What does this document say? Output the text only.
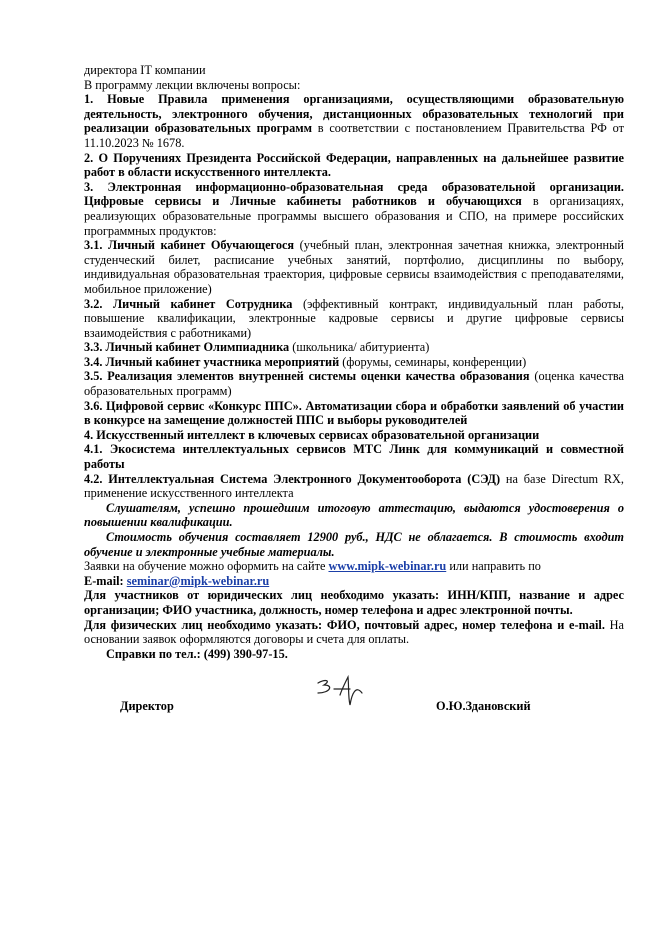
директора IT компании

В программу лекции включены вопросы:

1. Новые Правила применения организациями, осуществляющими образовательную деятельность, электронного обучения, дистанционных образовательных технологий при реализации образовательных программ в соответствии с постановлением Правительства РФ от 11.10.2023 № 1678.

2. О Поручениях Президента Российской Федерации, направленных на дальнейшее развитие работ в области искусственного интеллекта.

3. Электронная информационно-образовательная среда образовательной организации. Цифровые сервисы и Личные кабинеты работников и обучающихся в организациях, реализующих образовательные программы высшего образования и СПО, на примере российских программных продуктов:

3.1. Личный кабинет Обучающегося (учебный план, электронная зачетная книжка, электронный студенческий билет, расписание учебных занятий, портфолио, дисциплины по выбору, индивидуальная образовательная траектория, цифровые сервисы взаимодействия с преподавателями, мобильное приложение)

3.2. Личный кабинет Сотрудника (эффективный контракт, индивидуальный план работы, повышение квалификации, электронные кадровые сервисы и другие цифровые сервисы взаимодействия с работниками)

3.3. Личный кабинет Олимпиадника (школьника/ абитуриента)

3.4. Личный кабинет участника мероприятий (форумы, семинары, конференции)

3.5. Реализация элементов внутренней системы оценки качества образования (оценка качества образовательных программ)

3.6. Цифровой сервис «Конкурс ППС». Автоматизации сбора и обработки заявлений об участии в конкурсе на замещение должностей ППС и выборы руководителей

4. Искусственный интеллект в ключевых сервисах образовательной организации

4.1. Экосистема интеллектуальных сервисов МТС Линк для коммуникаций и совместной работы

4.2. Интеллектуальная Система Электронного Документооборота (СЭД) на базе Directum RX, применение искусственного интеллекта

Слушателям, успешно прошедшим итоговую аттестацию, выдаются удостоверения о повышении квалификации.

Стоимость обучения составляет 12900 руб., НДС не облагается. В стоимость входит обучение и электронные учебные материалы.

Заявки на обучение можно оформить на сайте www.mipk-webinar.ru или направить по

E-mail: seminar@mipk-webinar.ru

Для участников от юридических лиц необходимо указать: ИНН/КПП, название и адрес организации; ФИО участника, должность, номер телефона и адрес электронной почты.

Для физических лиц необходимо указать: ФИО, почтовый адрес, номер телефона и e-mail. На основании заявок оформляются договоры и счета для оплаты.

Справки по тел.: (499) 390-97-15.

Директор	О.Ю.Здановский
